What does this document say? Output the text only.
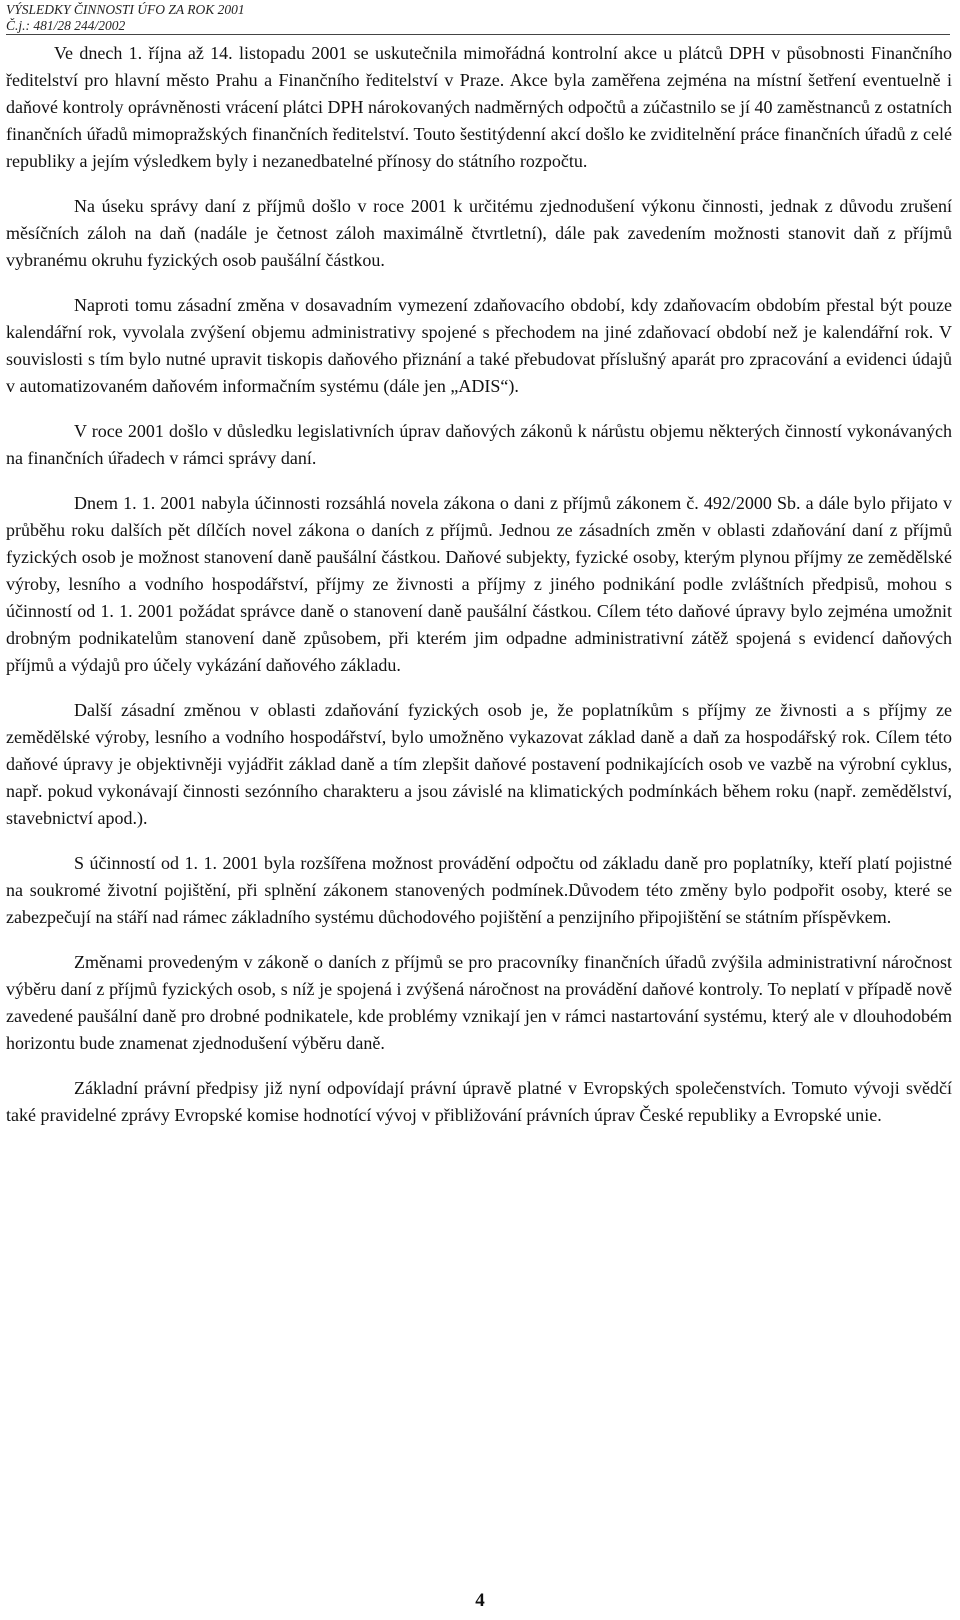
VÝSLEDKY ČINNOSTI ÚFO ZA ROK 2001
Č.j.: 481/28 244/2002

Ve dnech 1. října až 14. listopadu 2001 se uskutečnila mimořádná kontrolní akce u plátců DPH v působnosti Finančního ředitelství pro hlavní město Prahu a Finančního ředitelství v Praze. Akce byla zaměřena zejména na místní šetření eventuelně i daňové kontroly oprávněnosti vrácení plátci DPH nárokovaných nadměrných odpočtů a zúčastnilo se jí 40 zaměstnanců z ostatních finančních úřadů mimopražských finančních ředitelství. Touto šestitýdenní akcí došlo ke zviditelnění práce finančních úřadů z celé republiky a jejím výsledkem byly i nezanedbatelné přínosy do státního rozpočtu.

Na úseku správy daní z příjmů došlo v roce 2001 k určitému zjednodušení výkonu činnosti, jednak z důvodu zrušení měsíčních záloh na daň (nadále je četnost záloh maximálně čtvrtletní), dále pak zavedením možnosti stanovit daň z příjmů vybranému okruhu fyzických osob paušální částkou.

Naproti tomu zásadní změna v dosavadním vymezení zdaňovacího období, kdy zdaňovacím obdobím přestal být pouze kalendářní rok, vyvolala zvýšení objemu administrativy spojené s přechodem na jiné zdaňovací období než je kalendářní rok. V souvislosti s tím bylo nutné upravit tiskopis daňového přiznání a také přebudovat příslušný aparát pro zpracování a evidenci údajů v automatizovaném daňovém informačním systému (dále jen „ADIS“).

V roce 2001 došlo v důsledku legislativních úprav daňových zákonů k nárůstu objemu některých činností vykonávaných na finančních úřadech v rámci správy daní.

Dnem 1. 1. 2001 nabyla účinnosti rozsáhlá novela zákona o dani z příjmů zákonem č. 492/2000 Sb. a dále bylo přijato v průběhu roku dalších pět dílčích novel zákona o daních z příjmů. Jednou ze zásadních změn v oblasti zdaňování daní z příjmů fyzických osob je možnost stanovení daně paušální částkou. Daňové subjekty, fyzické osoby, kterým plynou příjmy ze zemědělské výroby, lesního a vodního hospodářství, příjmy ze živnosti a příjmy z jiného podnikání podle zvláštních předpisů, mohou s účinností od 1. 1. 2001 požádat správce daně o stanovení daně paušální částkou. Cílem této daňové úpravy bylo zejména umožnit drobným podnikatelům stanovení daně způsobem, při kterém jim odpadne administrativní zátěž spojená s evidencí daňových příjmů a výdajů pro účely vykázání daňového základu.

Další zásadní změnou v oblasti zdaňování fyzických osob je, že poplatníkům s příjmy ze živnosti a s příjmy ze zemědělské výroby, lesního a vodního hospodářství, bylo umožněno vykazovat základ daně a daň za hospodářský rok. Cílem této daňové úpravy je objektivněji vyjádřit základ daně a tím zlepšit daňové postavení podnikajících osob ve vazbě na výrobní cyklus, např. pokud vykonávají činnosti sezónního charakteru a jsou závislé na klimatických podmínkách během roku (např. zemědělství, stavebnictví apod.).

S účinností od 1. 1. 2001 byla rozšířena možnost provádění odpočtu od základu daně pro poplatníky, kteří platí pojistné na soukromé životní pojištění, při splnění zákonem stanovených podmínek.Důvodem této změny bylo podpořit osoby, které se zabezpečují na stáří nad rámec základního systému důchodového pojištění a penzijního připojištění se státním příspěvkem.

Změnami provedeným v zákoně o daních z příjmů se pro pracovníky finančních úřadů zvýšila administrativní náročnost výběru daní z příjmů fyzických osob, s níž je spojená i zvýšená náročnost na provádění daňové kontroly. To neplatí v případě nově zavedené paušální daně pro drobné podnikatele, kde problémy vznikají jen v rámci nastartování systému, který ale v dlouhodobém horizontu bude znamenat zjednodušení výběru daně.

Základní právní předpisy již nyní odpovídají právní úpravě platné v Evropských společenstvích. Tomuto vývoji svědčí také pravidelné zprávy Evropské komise hodnotící vývoj v přibližování právních úprav České republiky a Evropské unie.

4
